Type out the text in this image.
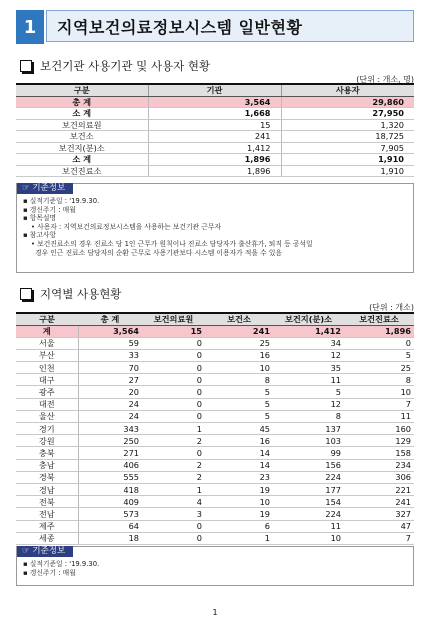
1	지역보건의료정보시스템 일반현황
보건기관 사용기관 및 사용자 현황
(단위 : 개소, 명)
구분	기관	사용자
총 계	3,564	29,860
소 계	1,668	27,950
보건의료원	15	1,320
보건소	241	18,725
보건지(분)소	1,412	7,905
소 계	1,896	1,910
보건진료소	1,896	1,910
☞ 기준정보
▪ 실적기준일 : '19.9.30.
▪ 갱신주기 : 매월
▪ 항목설명
• 사용자 : 지역보건의료정보시스템을 사용하는 보건기관 근무자
▪ 참고사항
• 보건진료소의 경우 진료소 당 1인 근무가 원칙이나 진료소 담당자가 출산휴가, 퇴직 등 공석일
경우 인근 진료소 담당자의 순환 근무로 사용기관보다 시스템 이용자가 적을 수 있음
지역별 사용현황
(단위 : 개소)
구분	총 계	보건의료원	보건소	보건지(분)소	보건진료소
계	3,564	15	241	1,412	1,896
서울	59	0	25	34	0
부산	33	0	16	12	5
인천	70	0	10	35	25
대구	27	0	8	11	8
광주	20	0	5	5	10
대전	24	0	5	12	7
울산	24	0	5	8	11
경기	343	1	45	137	160
강원	250	2	16	103	129
충북	271	0	14	99	158
충남	406	2	14	156	234
경북	555	2	23	224	306
경남	418	1	19	177	221
전북	409	4	10	154	241
전남	573	3	19	224	327
제주	64	0	6	11	47
세종	18	0	1	10	7
☞ 기준정보
▪ 실적기준일 : '19.9.30.
▪ 갱신주기 : 매월
1
